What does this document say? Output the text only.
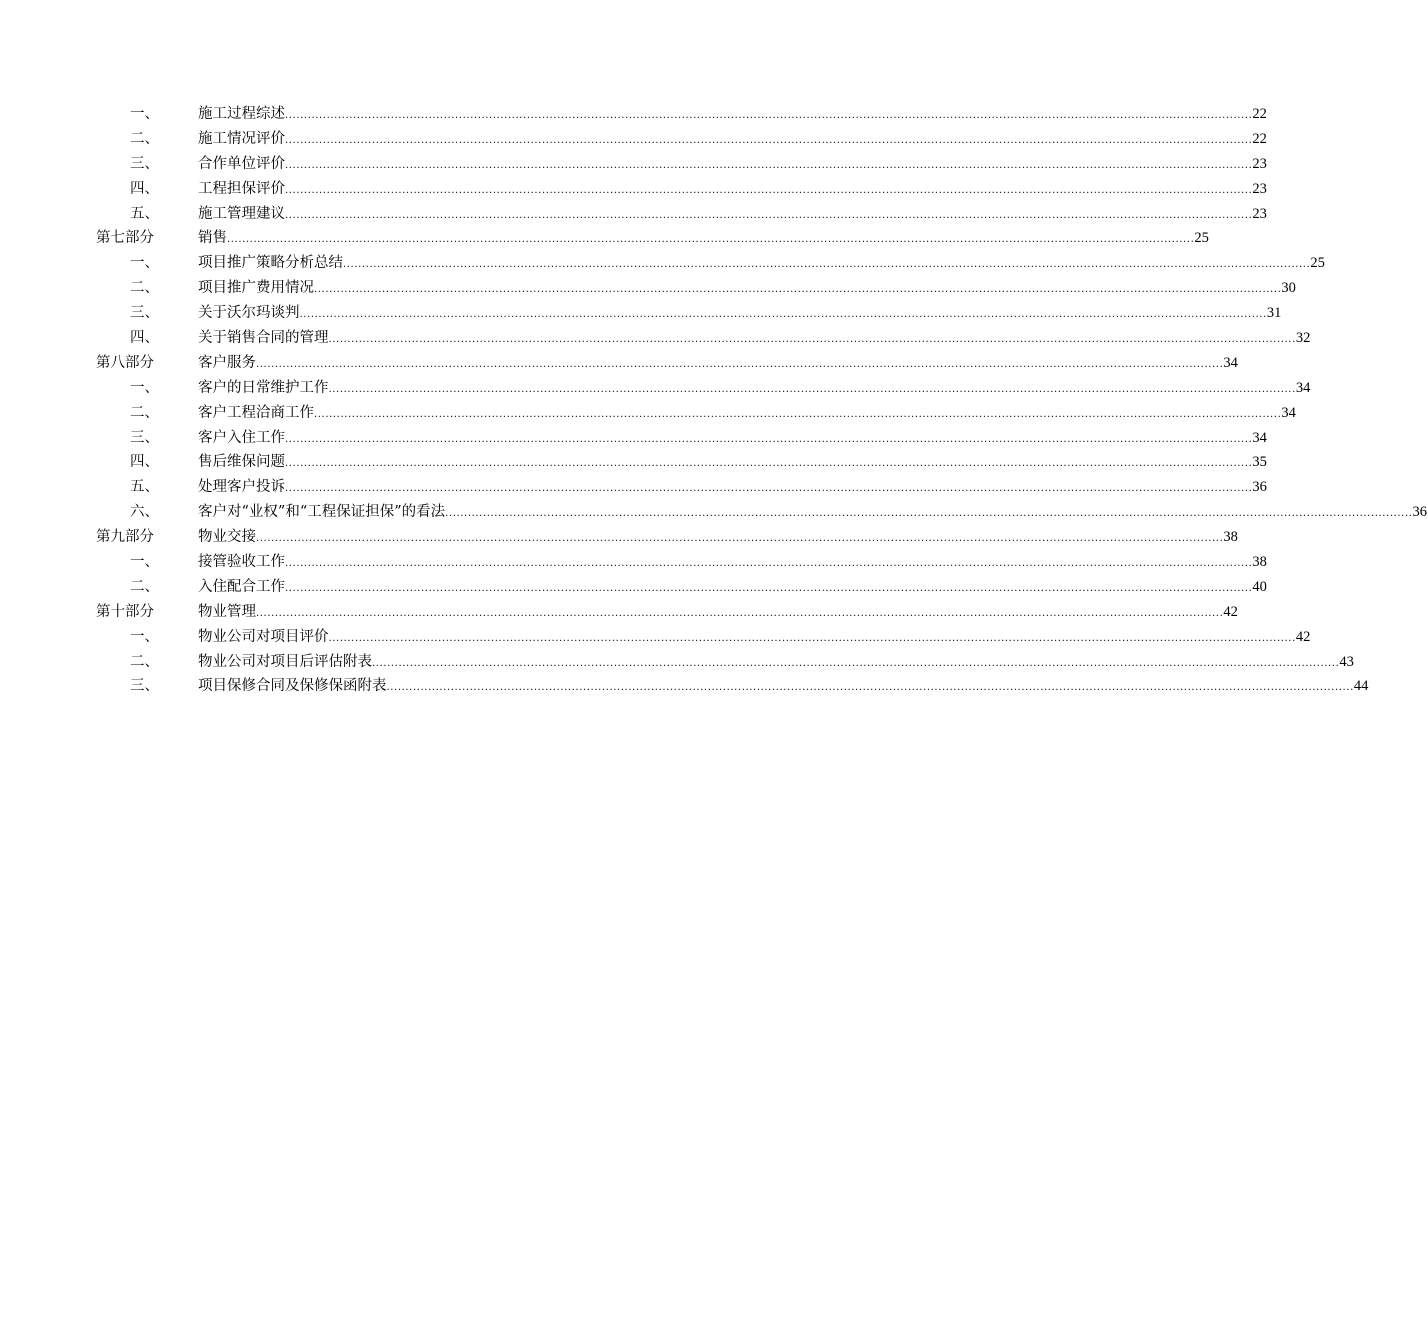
一、	施工过程综述 .....	22
二、	施工情况评价 .....	22
三、	合作单位评价 .....	23
四、	工程担保评价 .....	23
五、	施工管理建议 .....	23
第七部分	销售 .....	25
一、	项目推广策略分析总结 .....	25
二、	项目推广费用情况 .....	30
三、	关于沃尔玛谈判 .....	31
四、	关于销售合同的管理 .....	32
第八部分	客户服务 .....	34
一、	客户的日常维护工作 .....	34
二、	客户工程洽商工作 .....	34
三、	客户入住工作 .....	34
四、	售后维保问题 .....	35
五、	处理客户投诉 .....	36
六、	客户对“业权”和“工程保证担保”的看法 .....	36
第九部分	物业交接 .....	38
一、	接管验收工作 .....	38
二、	入住配合工作 .....	40
第十部分	物业管理 .....	42
一、	物业公司对项目评价 .....	42
二、	物业公司对项目后评估附表 .....	43
三、	项目保修合同及保修保函附表 .....	44
